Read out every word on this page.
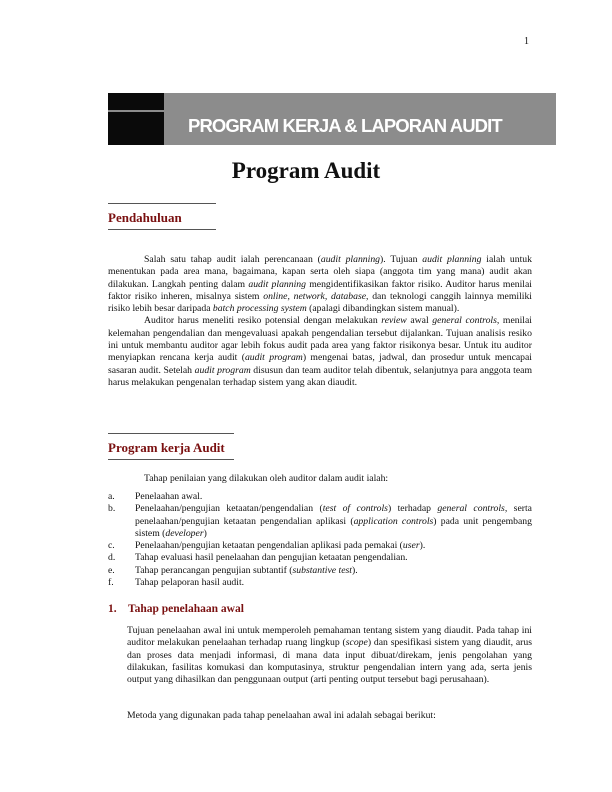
1
PROGRAM KERJA & LAPORAN AUDIT
Program Audit
Pendahuluan

Salah satu tahap audit ialah perencanaan (audit planning). Tujuan audit planning ialah untuk menentukan pada area mana, bagaimana, kapan serta oleh siapa (anggota tim yang mana) audit akan dilakukan. Langkah penting dalam audit planning mengidentifikasikan faktor risiko. Auditor harus menilai faktor risiko inheren, misalnya sistem online, network, database, dan teknologi canggih lainnya memiliki risiko lebih besar daripada batch processing system (apalagi dibandingkan sistem manual).

Auditor harus meneliti resiko potensial dengan melakukan review awal general controls, menilai kelemahan pengendalian dan mengevaluasi apakah pengendalian tersebut dijalankan. Tujuan analisis resiko ini untuk membantu auditor agar lebih fokus audit pada area yang faktor risikonya besar. Untuk itu auditor menyiapkan rencana kerja audit (audit program) mengenai batas, jadwal, dan prosedur untuk mencapai sasaran audit. Setelah audit program disusun dan team auditor telah dibentuk, selanjutnya para anggota team harus melakukan pengenalan terhadap sistem yang akan diaudit.

Program kerja Audit

Tahap penilaian yang dilakukan oleh auditor dalam audit ialah:

a. Penelaahan awal.
b. Penelaahan/pengujian ketaatan/pengendalian (test of controls) terhadap general controls, serta penelaahan/pengujian ketaatan pengendalian aplikasi (application controls) pada unit pengembang sistem (developer)
c. Penelaahan/pengujian ketaatan pengendalian aplikasi pada pemakai (user).
d. Tahap evaluasi hasil penelaahan dan pengujian ketaatan pengendalian.
e. Tahap perancangan pengujian subtantif (substantive test).
f. Tahap pelaporan hasil audit.
1. Tahap penelahaan awal

Tujuan penelaahan awal ini untuk memperoleh pemahaman tentang sistem yang diaudit. Pada tahap ini auditor melakukan penelaahan terhadap ruang lingkup (scope) dan spesifikasi sistem yang diaudit, arus dan proses data menjadi informasi, di mana data input dibuat/direkam, jenis pengolahan yang dilakukan, fasilitas komukasi dan komputasinya, struktur pengendalian intern yang ada, serta jenis output yang dihasilkan dan penggunaan output (arti penting output tersebut bagi perusahaan).

Metoda yang digunakan pada tahap penelaahan awal ini adalah sebagai berikut:
